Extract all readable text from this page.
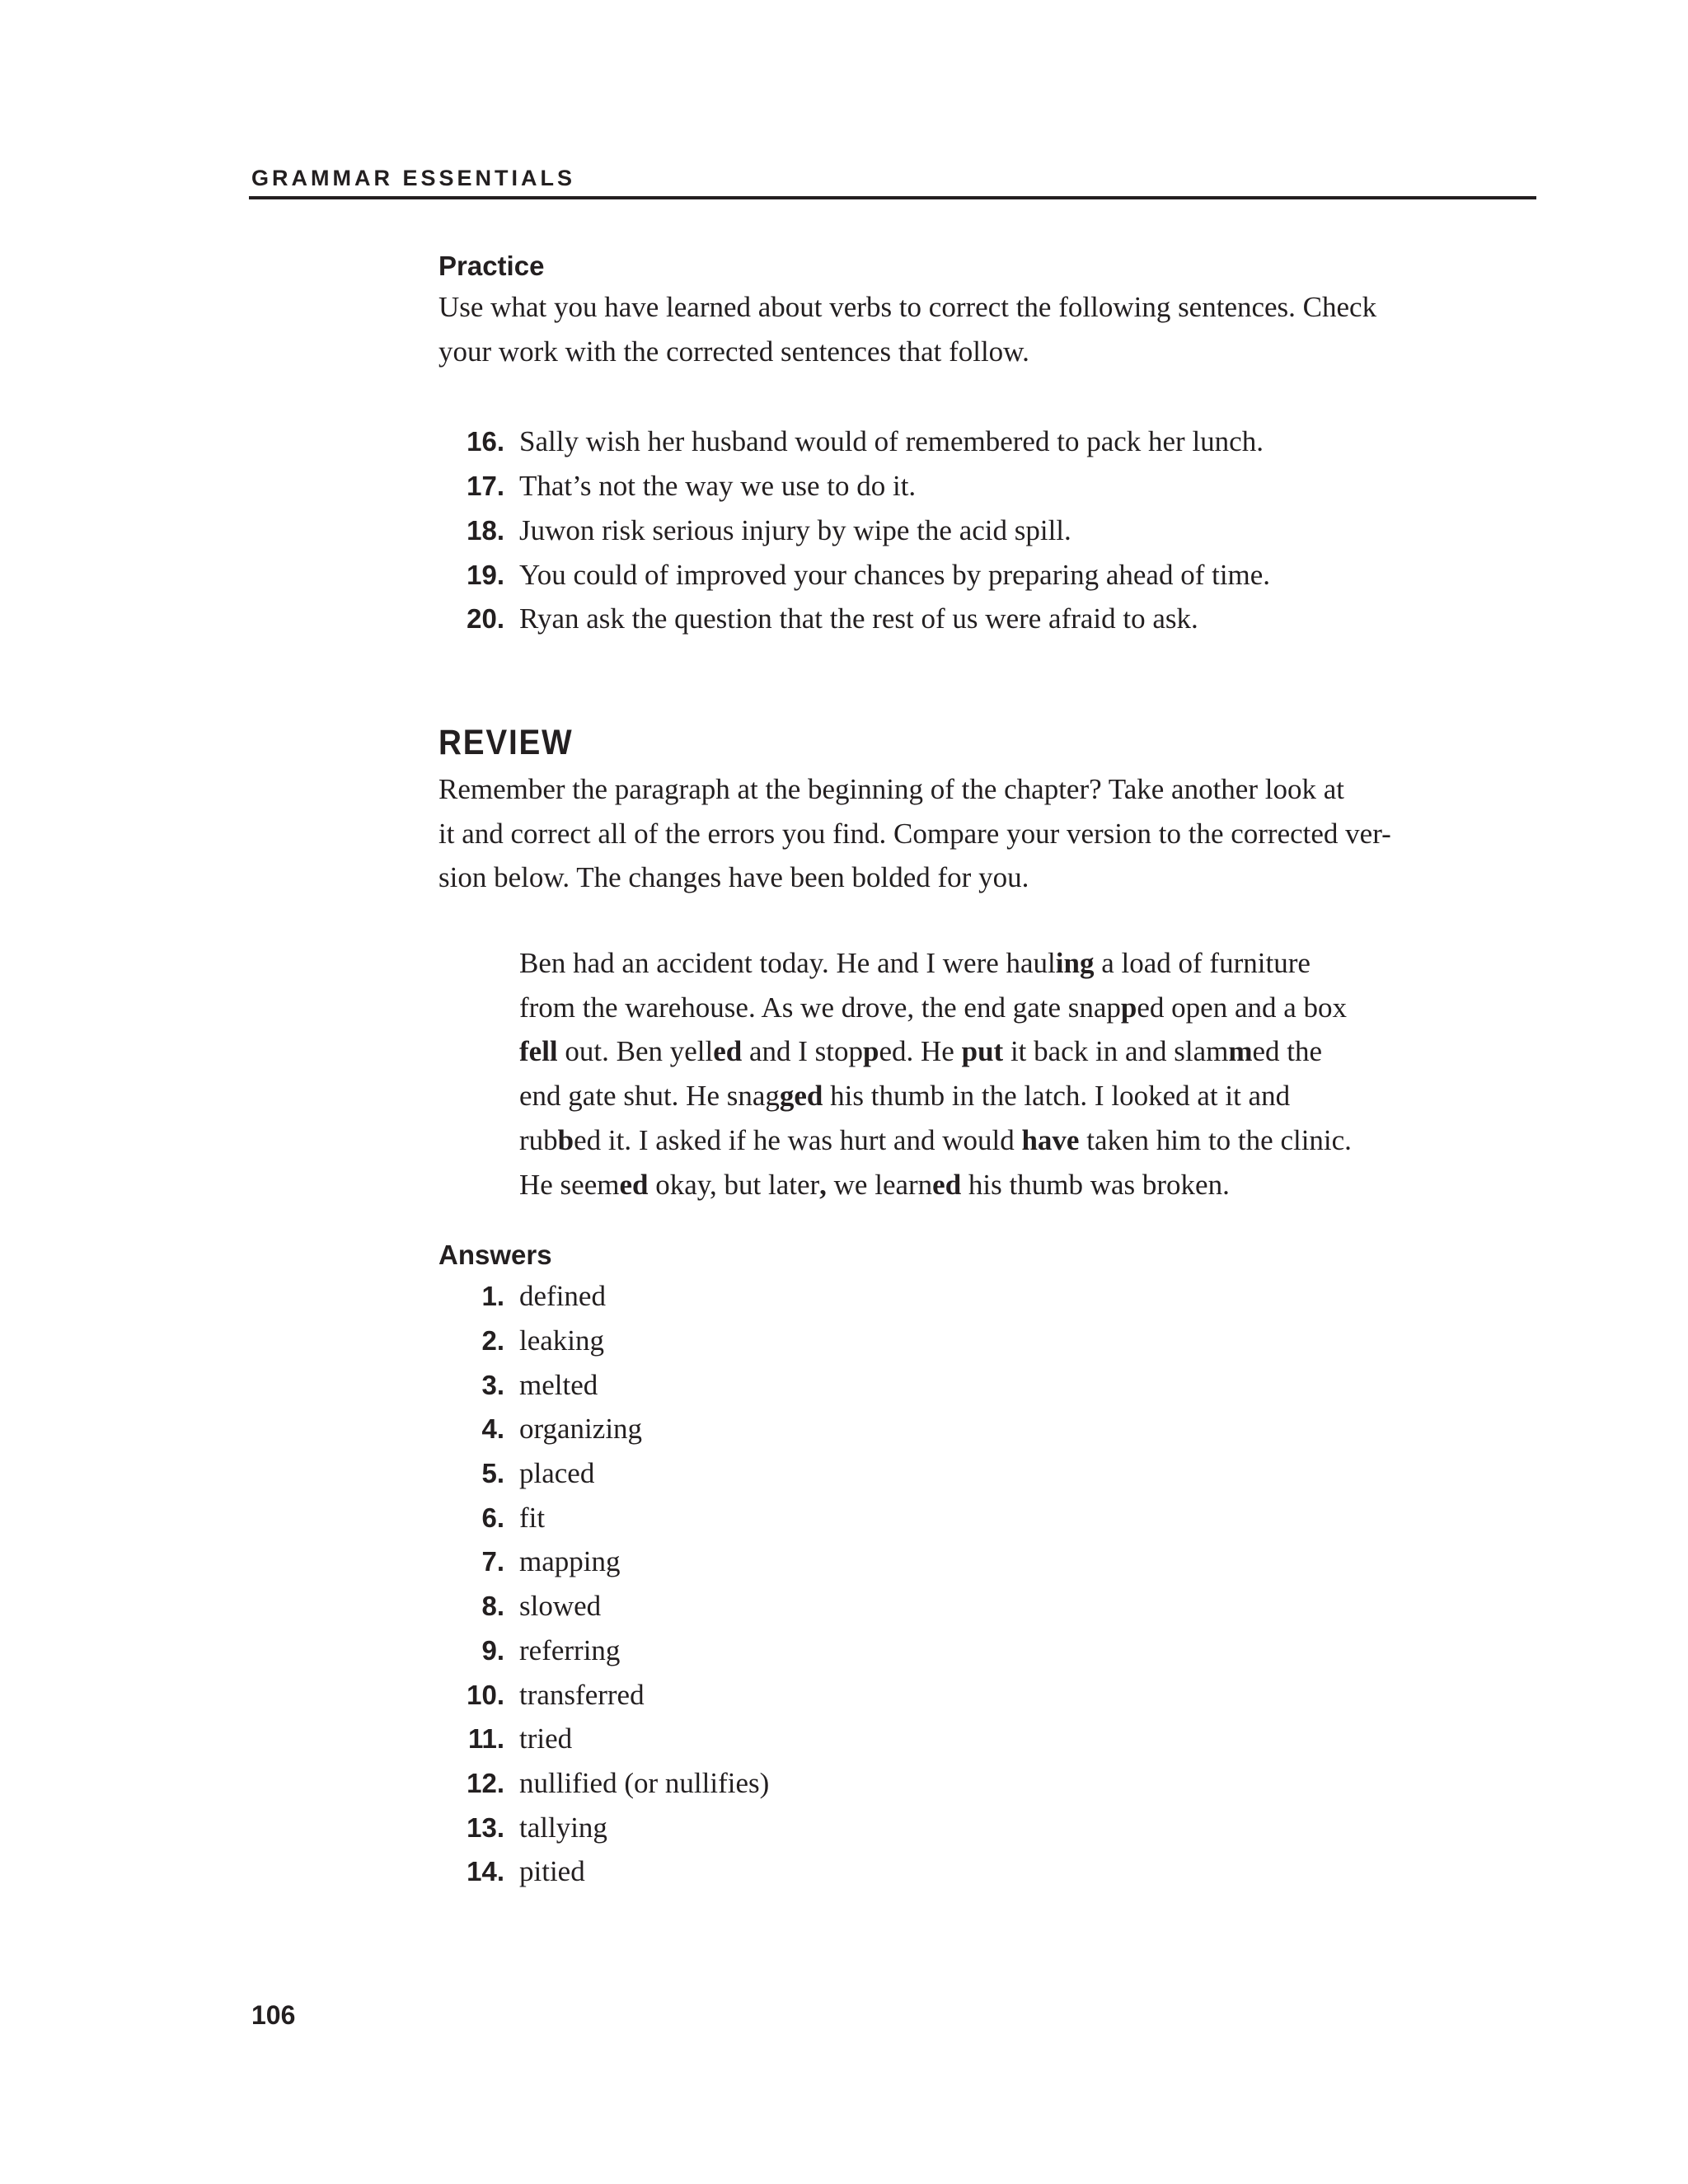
GRAMMAR ESSENTIALS
Practice

Use what you have learned about verbs to correct the following sentences. Check
your work with the corrected sentences that follow.

16. Sally wish her husband would of remembered to pack her lunch.
17. That’s not the way we use to do it.
18. Juwon risk serious injury by wipe the acid spill.
19. You could of improved your chances by preparing ahead of time.
20. Ryan ask the question that the rest of us were afraid to ask.
REVIEW

Remember the paragraph at the beginning of the chapter? Take another look at
it and correct all of the errors you find. Compare your version to the corrected ver-
sion below. The changes have been bolded for you.

Ben had an accident today. He and I were hauling a load of furniture
from the warehouse. As we drove, the end gate snapped open and a box
fell out. Ben yelled and I stopped. He put it back in and slammed the
end gate shut. He snagged his thumb in the latch. I looked at it and
rubbed it. I asked if he was hurt and would have taken him to the clinic.
He seemed okay, but later, we learned his thumb was broken.

Answers
1. defined
2. leaking
3. melted
4. organizing
5. placed
6. fit
7. mapping
8. slowed
9. referring
10. transferred
11. tried
12. nullified (or nullifies)
13. tallying
14. pitied
106
